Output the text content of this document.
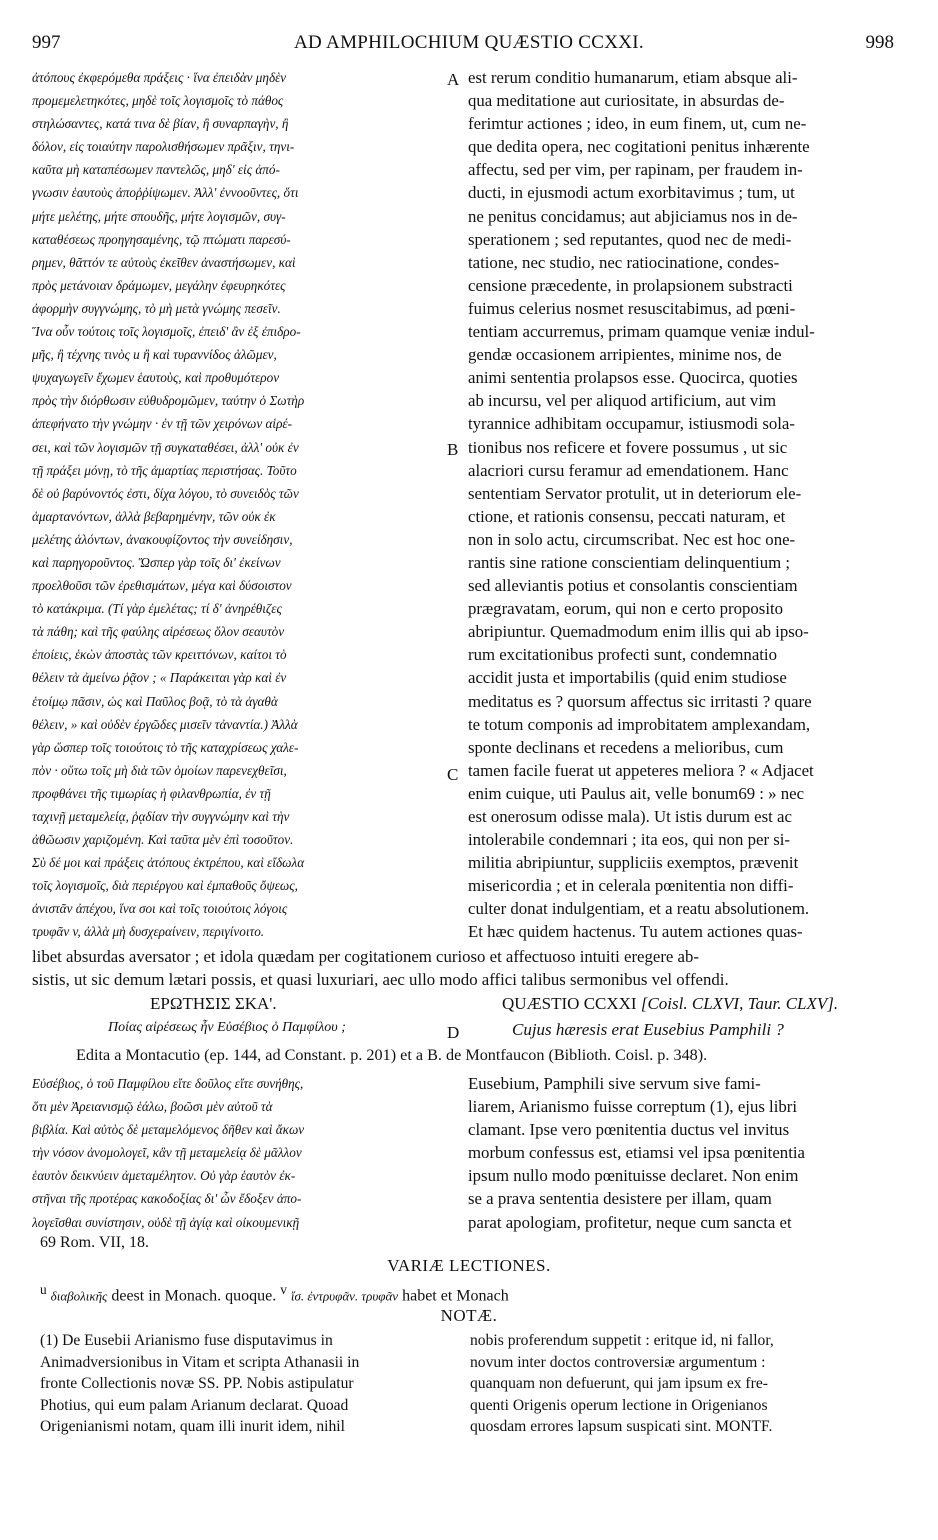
997	AD AMPHILOCHIUM QUÆSTIO CCXXI.	998
A
B
C
D
ἀτόπους ἐκφερόμεθα πράξεις · ἵνα ἐπειδὰν μηδὲν
προμεμελετηκότες, μηδὲ τοῖς λογισμοῖς τὸ πάθος
στηλώσαντες, κατά τινα δὲ βίαν, ἢ συναρπαγὴν, ἢ
δόλον, εἰς τοιαύτην παρολισθήσωμεν πρᾶξιν, τηνι-
καῦτα μὴ καταπέσωμεν παντελῶς, μηδ' εἰς ἀπό-
γνωσιν ἑαυτοὺς ἀποῤῥίψωμεν. Ἀλλ' ἐννοοῦντες, ὅτι
μήτε μελέτης, μήτε σπουδῆς, μήτε λογισμῶν, συγ-
καταθέσεως προηγησαμένης, τῷ πτώματι παρεσύ-
ρημεν, θᾶττόν τε αὐτοὺς ἐκεῖθεν ἀναστήσωμεν, καὶ
πρὸς μετάνοιαν δράμωμεν, μεγάλην ἐφευρηκότες
ἀφορμὴν συγγνώμης, τὸ μὴ μετὰ γνώμης πεσεῖν.
Ἵνα οὖν τούτοις τοῖς λογισμοῖς, ἐπειδ' ἂν ἐξ ἐπιδρο-
μῆς, ἢ τέχνης τινὸς u ἢ καὶ τυραννίδος ἁλῶμεν,
ψυχαγωγεῖν ἔχωμεν ἑαυτοὺς, καὶ προθυμότερον
πρὸς τὴν διόρθωσιν εὐθυδρομῶμεν, ταύτην ὁ Σωτὴρ
ἀπεφήνατο τὴν γνώμην · ἐν τῇ τῶν χειρόνων αἱρέ-
σει, καὶ τῶν λογισμῶν τῇ συγκαταθέσει, ἀλλ' οὐκ ἐν
τῇ πράξει μόνῃ, τὸ τῆς ἁμαρτίας περιστήσας. Τοῦτο
δὲ οὐ βαρύνοντός ἐστι, δίχα λόγου, τὸ συνειδὸς τῶν
ἁμαρτανόντων, ἀλλὰ βεβαρημένην, τῶν οὐκ ἐκ
μελέτης ἁλόντων, ἀνακουφίζοντος τὴν συνείδησιν,
καὶ παρηγοροῦντος. Ὥσπερ γὰρ τοῖς δι' ἐκείνων
προελθοῦσι τῶν ἐρεθισμάτων, μέγα καὶ δύσοιστον
τὸ κατάκριμα. (Τί γὰρ ἐμελέτας; τί δ' ἀνηρέθιζες
τὰ πάθη; καὶ τῆς φαύλης αἱρέσεως ὅλον σεαυτὸν
ἐποίεις, ἑκὼν ἀποστὰς τῶν κρειττόνων, καίτοι τὸ
θέλειν τὰ ἀμείνω ῥᾷον ; « Παράκειται γὰρ καὶ ἐν
ἑτοίμῳ πᾶσιν, ὡς καὶ Παῦλος βοᾷ, τὸ τὰ ἀγαθὰ
θέλειν, » καὶ οὐδὲν ἐργῶδες μισεῖν τἀναντία.) Ἀλλὰ
γὰρ ὥσπερ τοῖς τοιούτοις τὸ τῆς καταχρίσεως χαλε-
πὸν · οὕτω τοῖς μὴ διὰ τῶν ὁμοίων παρενεχθεῖσι,
προφθάνει τῆς τιμωρίας ἡ φιλανθρωπία, ἐν τῇ
ταχινῇ μεταμελείᾳ, ῥᾳδίαν τὴν συγγνώμην καὶ τὴν
ἀθῶωσιν χαριζομένη. Καὶ ταῦτα μὲν ἐπὶ τοσοῦτον.
Σὺ δέ μοι καὶ πράξεις ἀτόπους ἐκτρέπου, καὶ εἴδωλα
τοῖς λογισμοῖς, διὰ περιέργου καὶ ἐμπαθοῦς ὄψεως,
ἀνιστᾶν ἀπέχου, ἵνα σοι καὶ τοῖς τοιούτοις λόγοις
τρυφᾶν v, ἀλλὰ μὴ δυσχεραίνειν, περιγίνοιτο.
est rerum conditio humanarum, etiam absque ali-
qua meditatione aut curiositate, in absurdas de-
ferimtur actiones ; ideo, in eum finem, ut, cum ne-
que dedita opera, nec cogitationi penitus inhærente
affectu, sed per vim, per rapinam, per fraudem in-
ducti, in ejusmodi actum exorbitavimus ; tum, ut
ne penitus concidamus; aut abjiciamus nos in de-
sperationem ; sed reputantes, quod nec de medi-
tatione, nec studio, nec ratiocinatione, condes-
censione præcedente, in prolapsionem substracti
fuimus celerius nosmet resuscitabimus, ad pœni-
tentiam accurremus, primam quamque veniæ indul-
gendæ occasionem arripientes, minime nos, de
animi sententia prolapsos esse. Quocirca, quoties
ab incursu, vel per aliquod artificium, aut vim
tyrannice adhibitam occupamur, istiusmodi sola-
tionibus nos reficere et fovere possumus , ut sic
alacriori cursu feramur ad emendationem. Hanc
sententiam Servator protulit, ut in deteriorum ele-
ctione, et rationis consensu, peccati naturam, et
non in solo actu, circumscribat. Nec est hoc one-
rantis sine ratione conscientiam delinquentium ;
sed alleviantis potius et consolantis conscientiam
prægravatam, eorum, qui non e certo proposito
abripiuntur. Quemadmodum enim illis qui ab ipso-
rum excitationibus profecti sunt, condemnatio
accidit justa et importabilis (quid enim studiose
meditatus es ? quorsum affectus sic irritasti ? quare
te totum componis ad improbitatem amplexandam,
sponte declinans et recedens a melioribus, cum
tamen facile fuerat ut appeteres meliora ? « Adjacet
enim cuique, uti Paulus ait, velle bonum69 : » nec
est onerosum odisse mala). Ut istis durum est ac
intolerabile condemnari ; ita eos, qui non per si-
militia abripiuntur, suppliciis exemptos, prævenit
misericordia ; et in celerala pœnitentia non diffi-
culter donat indulgentiam, et a reatu absolutionem.
Et hæc quidem hactenus. Tu autem actiones quas-
libet absurdas aversator ; et idola quædam per cogitationem curioso et affectuoso intuiti eregere ab-
sistis, ut sic demum lætari possis, et quasi luxuriari, aec ullo modo affici talibus sermonibus vel offendi.
ΕΡΩΤΗΣΙΣ ΣΚΑ'.	QUÆSTIO CCXXI [Coisl. CLXVI, Taur. CLXV].
Ποίας αἱρέσεως ἦν Εὐσέβιος ὁ Παμφίλου ;	Cujus hæresis erat Eusebius Pamphili ?
Edita a Montacutio (ep. 144, ad Constant. p. 201) et a B. de Montfaucon (Biblioth. Coisl. p. 348).
Εὐσέβιος, ὁ τοῦ Παμφίλου εἴτε δοῦλος εἴτε συνήθης,
ὅτι μὲν Ἀρειανισμῷ ἑάλω, βοῶσι μὲν αὐτοῦ τὰ
βιβλία. Καὶ αὐτὸς δὲ μεταμελόμενος δῆθεν καὶ ἄκων
τὴν νόσον ἀνομολογεῖ, κἂν τῇ μεταμελείᾳ δὲ μᾶλλον
ἑαυτὸν δεικνύειν ἀμεταμέλητον. Οὐ γὰρ ἑαυτὸν ἐκ-
στῆναι τῆς προτέρας κακοδοξίας δι' ὧν ἔδοξεν ἀπο-
λογεῖσθαι συνίστησιν, οὐδὲ τῇ ἁγίᾳ καὶ οἰκουμενικῇ
Eusebium, Pamphili sive servum sive fami-
liarem, Arianismo fuisse correptum (1), ejus libri
clamant. Ipse vero pœnitentia ductus vel invitus
morbum confessus est, etiamsi vel ipsa pœnitentia
ipsum nullo modo pœnituisse declaret. Non enim
se a prava sententia desistere per illam, quam
parat apologiam, profitetur, neque cum sancta et
69 Rom. VII, 18.
VARIÆ LECTIONES.
$^u$ διαβολικῆς deest in Monach. quoque. $^v$ ἴσ. ἐντρυφᾶν. τρυφᾶν habet et Monach
NOTÆ.
(1) De Eusebii Arianismo fuse disputavimus in
Animadversionibus in Vitam et scripta Athanasii in
fronte Collectionis novæ SS. PP. Nobis astipulatur
Photius, qui eum palam Arianum declarat. Quoad
Origenianismi notam, quam illi inurit idem, nihil
nobis proferendum suppetit : eritque id, ni fallor,
novum inter doctos controversiæ argumentum :
quanquam non defuerunt, qui jam ipsum ex fre-
quenti Origenis operum lectione in Origenianos
quosdam errores lapsum suspicati sint. MONTF.
